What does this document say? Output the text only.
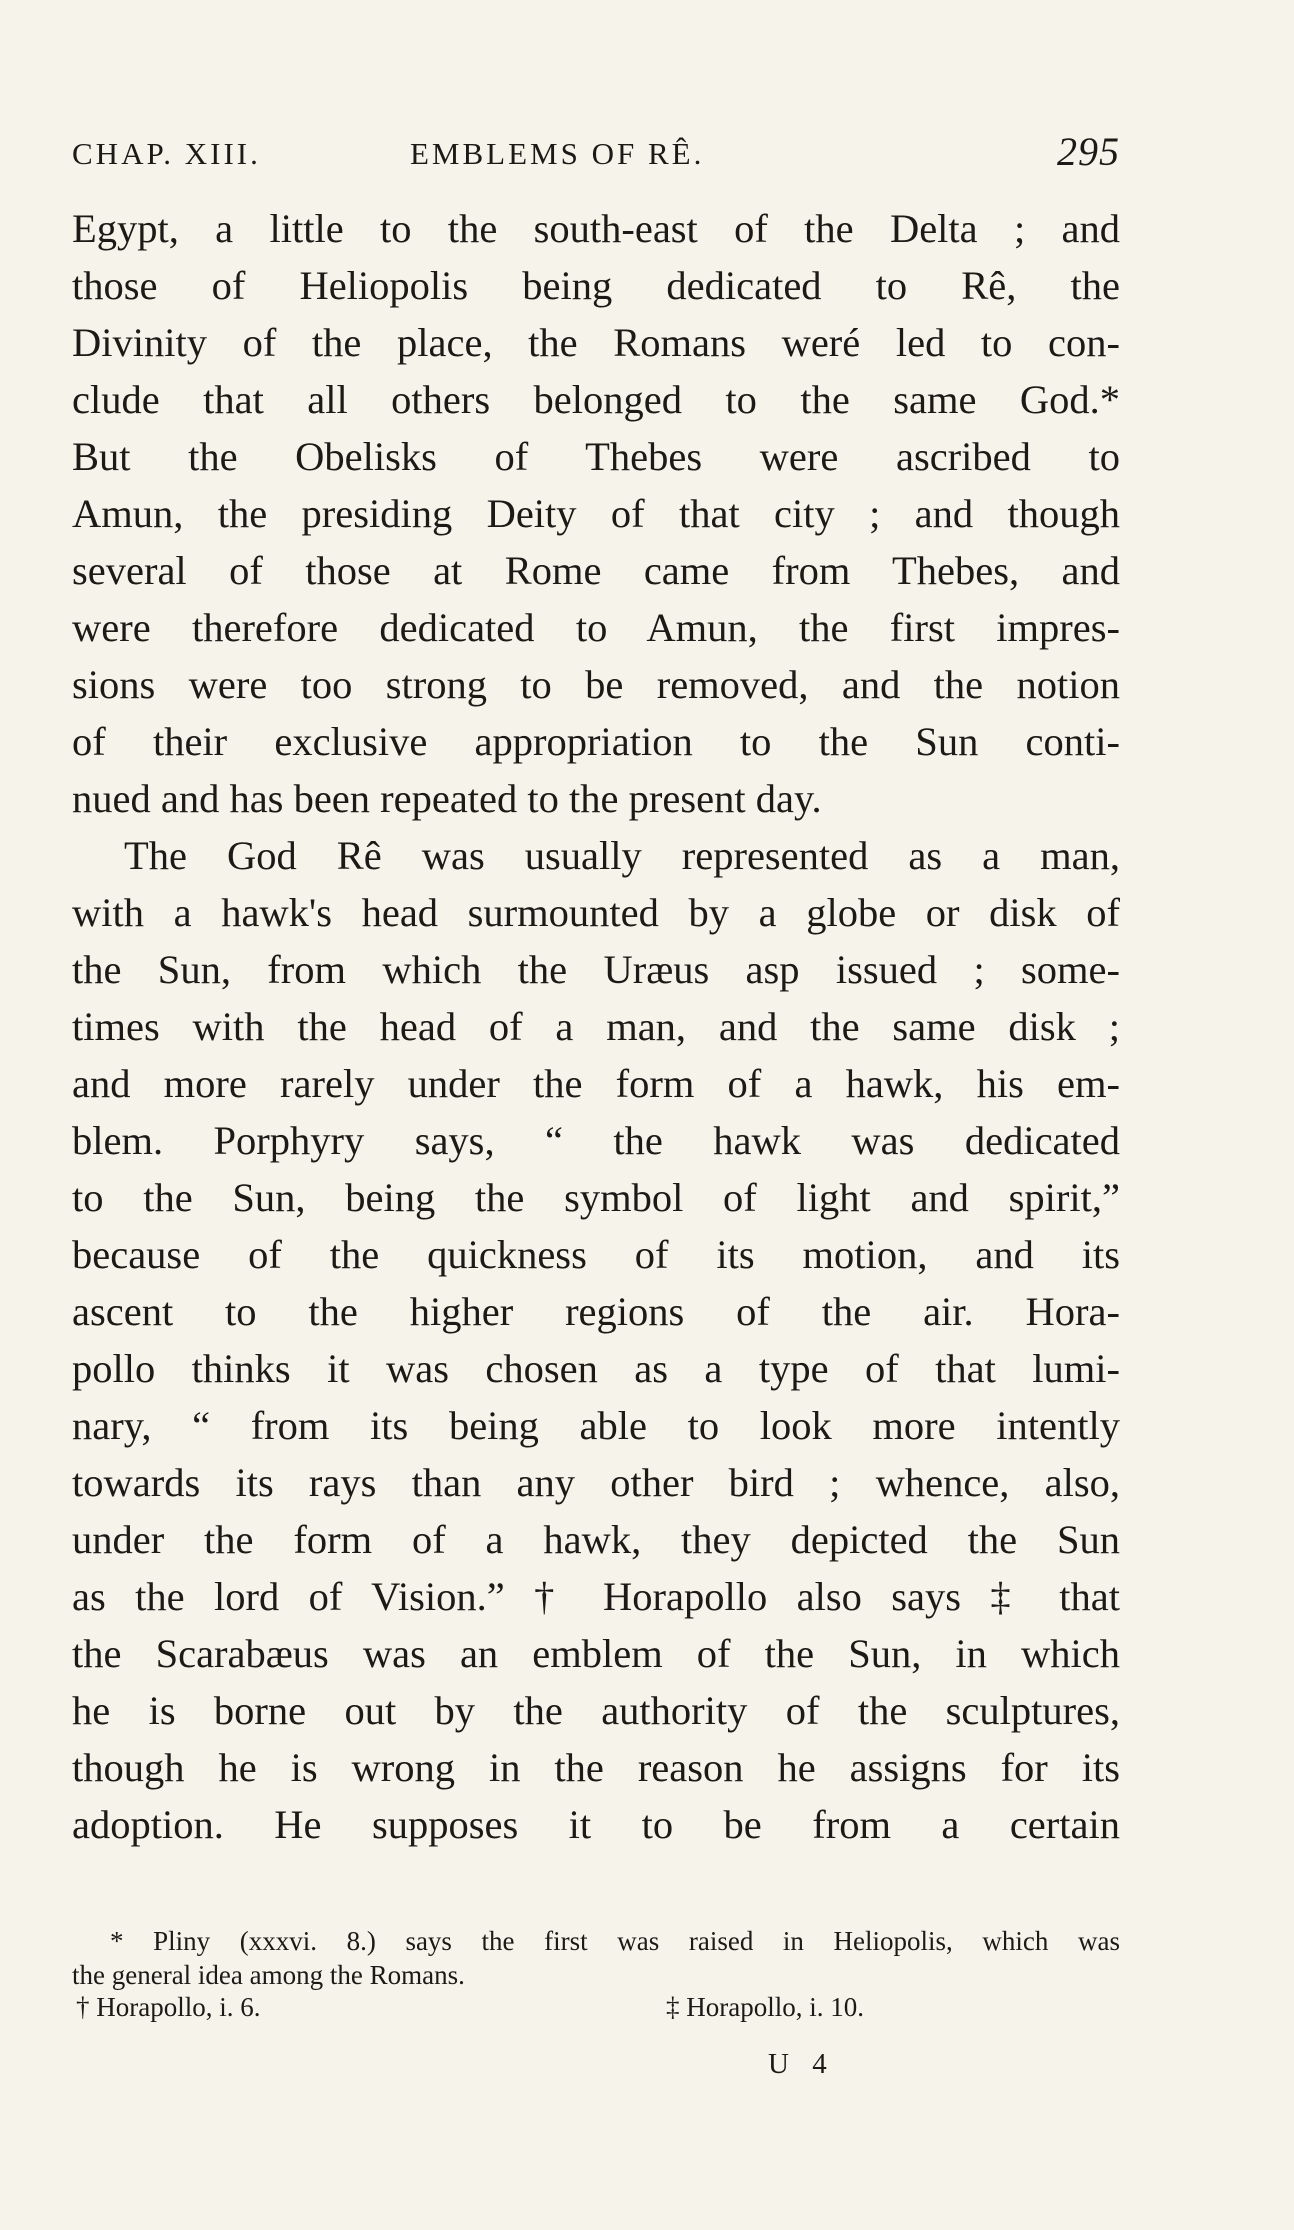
CHAP. XIII.	EMBLEMS OF RÊ.	295
Egypt, a little to the south-east of the Delta ; and
those of Heliopolis being dedicated to Rê, the
Divinity of the place, the Romans weré led to con-
clude that all others belonged to the same God.*
But the Obelisks of Thebes were ascribed to
Amun, the presiding Deity of that city ; and though
several of those at Rome came from Thebes, and
were therefore dedicated to Amun, the first impres-
sions were too strong to be removed, and the notion
of their exclusive appropriation to the Sun conti-
nued and has been repeated to the present day.
The God Rê was usually represented as a man,
with a hawk's head surmounted by a globe or disk of
the Sun, from which the Uræus asp issued ; some-
times with the head of a man, and the same disk ;
and more rarely under the form of a hawk, his em-
blem. Porphyry says, “ the hawk was dedicated
to the Sun, being the symbol of light and spirit,”
because of the quickness of its motion, and its
ascent to the higher regions of the air. Hora-
pollo thinks it was chosen as a type of that lumi-
nary, “ from its being able to look more intently
towards its rays than any other bird ; whence, also,
under the form of a hawk, they depicted the Sun
as the lord of Vision.” † Horapollo also says ‡ that
the Scarabæus was an emblem of the Sun, in which
he is borne out by the authority of the sculptures,
though he is wrong in the reason he assigns for its
adoption. He supposes it to be from a certain
* Pliny (xxxvi. 8.) says the first was raised in Heliopolis, which was
the general idea among the Romans.
† Horapollo, i. 6.	‡ Horapollo, i. 10.
U 4
